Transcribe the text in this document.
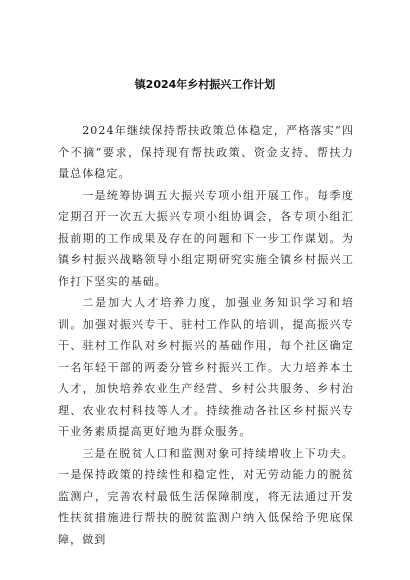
镇2024年乡村振兴工作计划

2024年继续保持帮扶政策总体稳定，严格落实“四个不摘”要求，保持现有帮扶政策、资金支持、帮扶力量总体稳定。

一是统筹协调五大振兴专项小组开展工作。每季度定期召开一次五大振兴专项小组协调会，各专项小组汇报前期的工作成果及存在的问题和下一步工作谋划。为镇乡村振兴战略领导小组定期研究实施全镇乡村振兴工作打下坚实的基础。

二是加大人才培养力度，加强业务知识学习和培训。加强对振兴专干、驻村工作队的培训，提高振兴专干、驻村工作队对乡村振兴的基础作用，每个社区确定一名年轻干部的两委分管乡村振兴工作。大力培养本土人才，加快培养农业生产经营、乡村公共服务、乡村治理、农业农村科技等人才。持续推动各社区乡村振兴专干业务素质提高更好地为群众服务。

三是在脱贫人口和监测对象可持续增收上下功夫。一是保持政策的持续性和稳定性，对无劳动能力的脱贫监测户，完善农村最低生活保障制度，将无法通过开发性扶贫措施进行帮扶的脱贫监测户纳入低保给予兜底保障，做到
